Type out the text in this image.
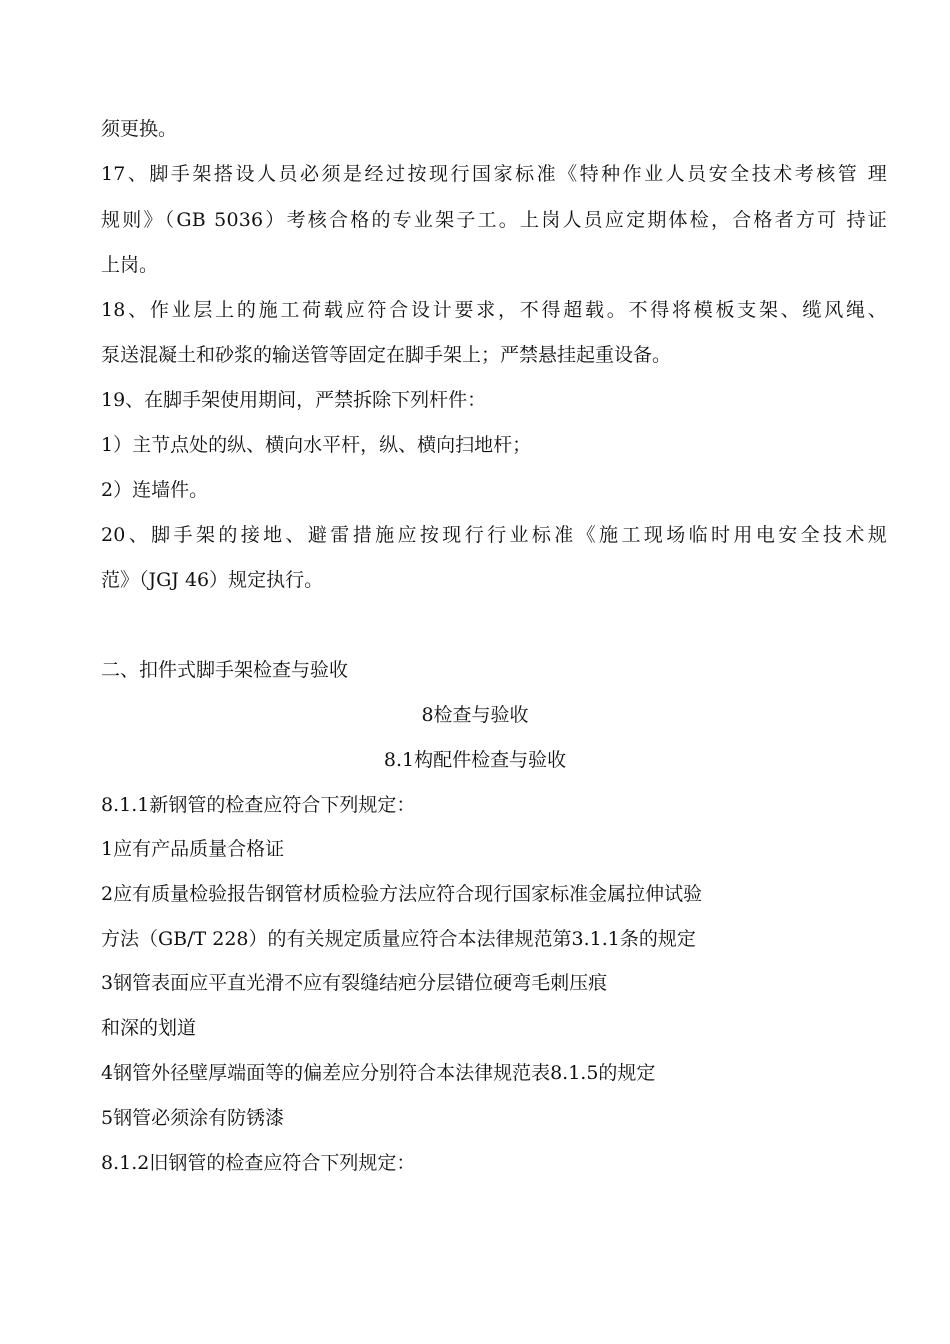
须更换。
17、脚手架搭设人员必须是经过按现行国家标准《特种作业人员安全技术考核管 理
规则》（GB 5036）考核合格的专业架子工。上岗人员应定期体检，合格者方可 持证
上岗。
18、作业层上的施工荷载应符合设计要求，不得超载。不得将模板支架、缆风绳、
泵送混凝土和砂浆的输送管等固定在脚手架上；严禁悬挂起重设备。
19、在脚手架使用期间，严禁拆除下列杆件：
1）主节点处的纵、横向水平杆，纵、横向扫地杆；
2）连墙件。
20、脚手架的接地、避雷措施应按现行行业标准《施工现场临时用电安全技术规
范》（JGJ 46）规定执行。
二、扣件式脚手架检查与验收
8检查与验收
8.1构配件检查与验收
8.1.1新钢管的检查应符合下列规定：
1应有产品质量合格证
2应有质量检验报告钢管材质检验方法应符合现行国家标准金属拉伸试验
方法（GB/T 228）的有关规定质量应符合本法律规范第3.1.1条的规定
3钢管表面应平直光滑不应有裂缝结疤分层错位硬弯毛刺压痕
和深的划道
4钢管外径壁厚端面等的偏差应分别符合本法律规范表8.1.5的规定
5钢管必须涂有防锈漆
8.1.2旧钢管的检查应符合下列规定：
